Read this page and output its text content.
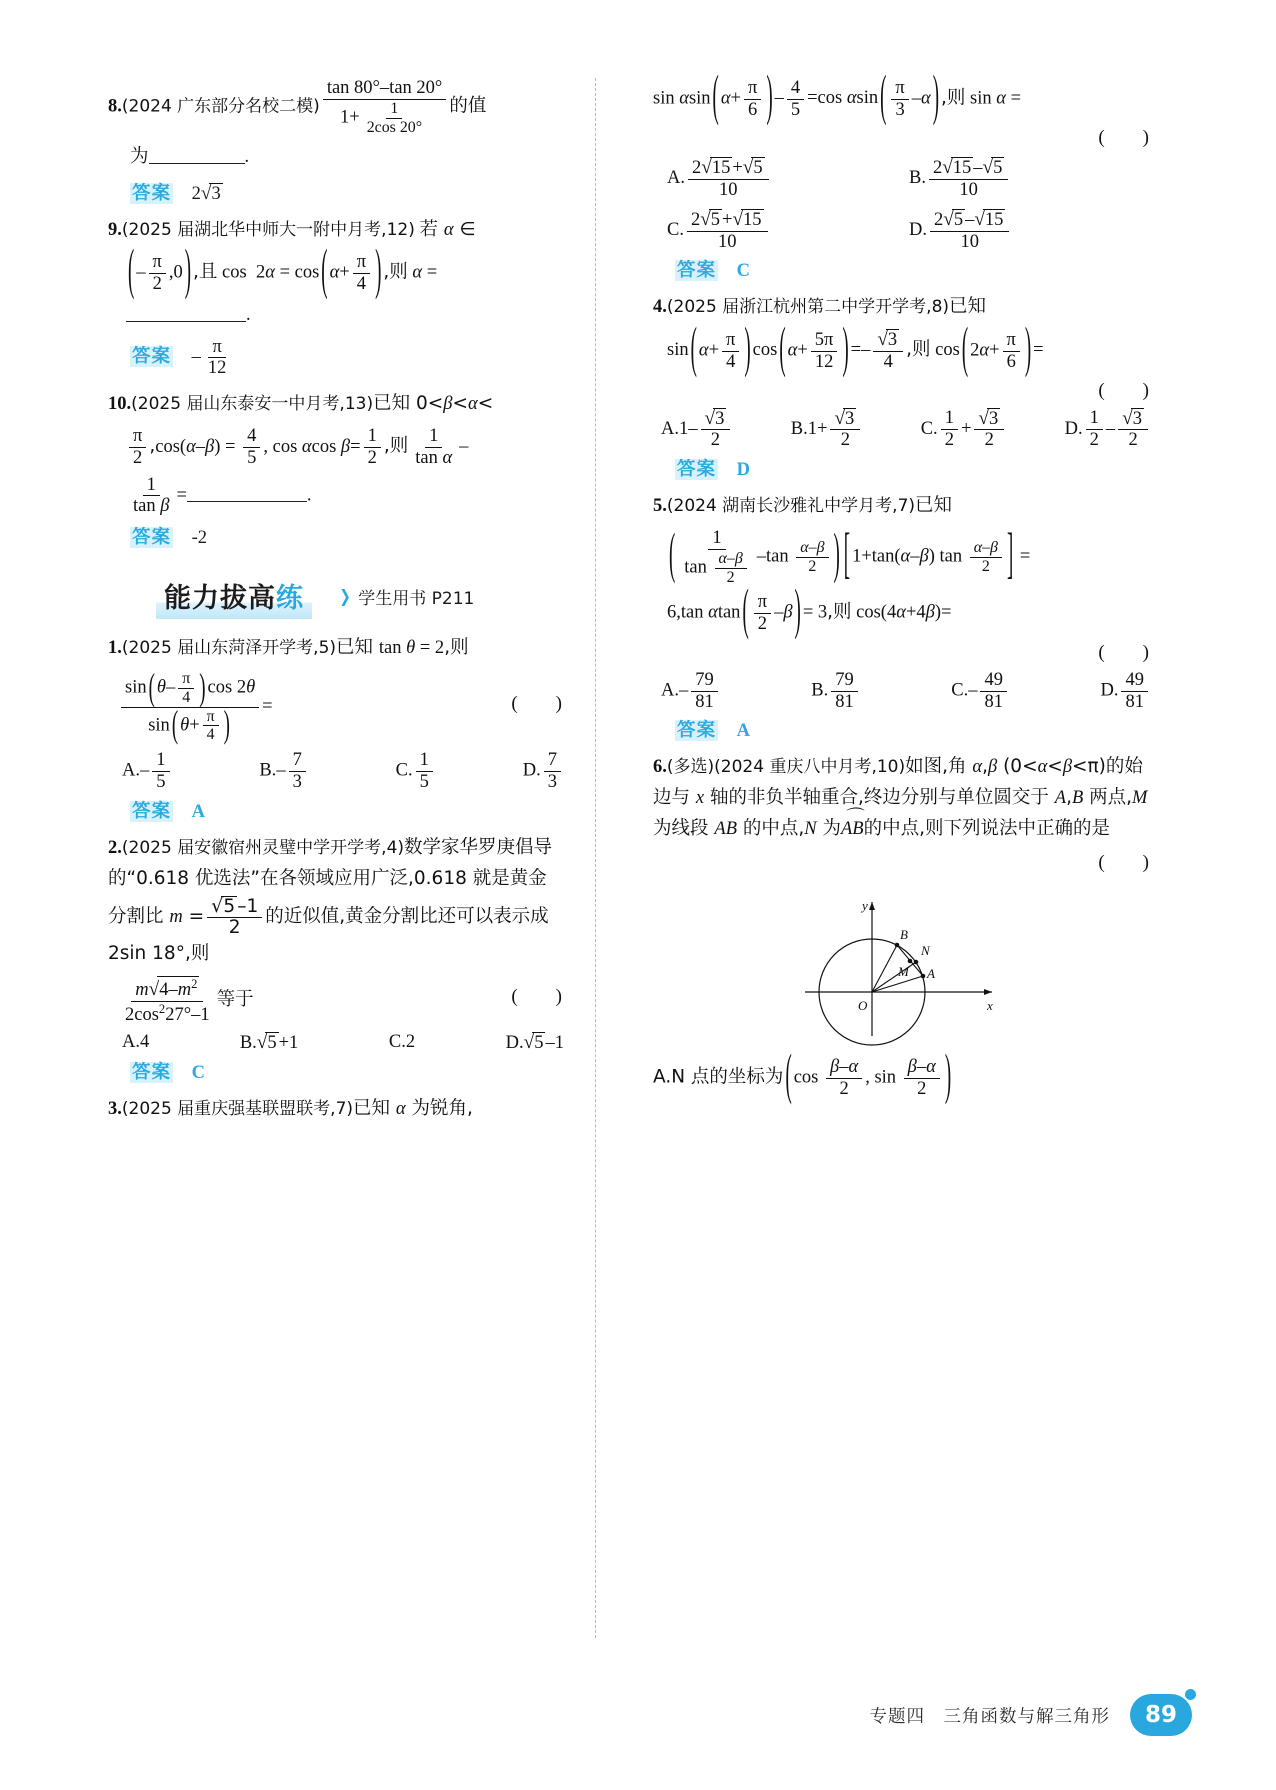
8.(2024 广东部分名校二模) $\frac{\tan 80^\circ-\tan 20^\circ}{1+ \frac{1}{2\cos 20^\circ}}$ 的值
为	.
答案 2√3
9.(2025 届湖北华中师大一附中月考,12) 若 α ∈
( – $\frac{\pi}{2} ,0$ ) ,且 cos  2α = cos ( $\alpha+ \frac{\pi}{4}$ ) ,则 α =
.
答案 – $\frac{\pi}{12}$
10.(2025 届山东泰安一中月考,13)已知 0<β<α<
$\frac{\pi}{2} ,\cos(\alpha-\beta) = \frac{4}{5}$ , cos αcos $\beta= \frac{1}{2}$ ,则 $\frac{1}{\text{tan α}}$ –
$\frac{1}{\text{tan β}}$ =	.
答案 -2
能力拔高练	❯ 学生用书 P211
1.(2025 届山东菏泽开学考,5)已知 tan θ = 2,则
$\frac{\sin ( \theta- \frac{\pi}{4} ) \cos 2\theta}{\sin ( \theta+ \frac{\pi}{4} )}$ =	(　　)
$A.- \frac{1}{5}$	$B.- \frac{7}{3}$	C. $\frac{1}{5}$	D. $\frac{7}{3}$
答案 A
2.(2025 届安徽宿州灵璧中学开学考,4)数学家华罗庚倡导的“0.618 优选法”在各领域应用广泛,0.618 就是黄金分割比 $m = \frac{√5 -1}{2}$ 的近似值,黄金分割比还可以表示成 2sin 18°,则
$\frac{m√4-m^2}{2\cos^227^\circ-1}$ 等于	(　　)
A.4	B.√5 +1	C.2	D.√5 –1
答案 C
3.(2025 届重庆强基联盟联考,7)已知 α 为锐角,
sin αsin ( $\alpha+ \frac{\pi}{6}$ ) – $\frac{4}{5} =\cos$ αsin ( $\frac{\pi}{3} -\alpha$ ) ,则 sin α =
(　　)
A. $\frac{2√15 +√5}{10}$	B. $\frac{2√15 -√5}{10}$
C. $\frac{2√5 +√15}{10}$	D. $\frac{2√5 -√15}{10}$
答案 C
4.(2025 届浙江杭州第二中学开学考,8)已知
sin ( $\alpha+ \frac{\pi}{4}$ ) cos ( $\alpha+ \frac{5\pi}{12}$ ) =– $\frac{√3}{4}$ ,则 cos ( $2\alpha+ \frac{\pi}{6}$ ) =
(　　)
$A.1- \frac{√3}{2}$	$B.1+ \frac{√3}{2}$	C. $\frac{1}{2} + \frac{√3}{2}$	D. $\frac{1}{2} - \frac{√3}{2}$
答案 D
5.(2024 湖南长沙雅礼中学月考,7)已知
( $\frac{1}{\tan \frac{\alpha-\beta}{2}} -\tan \frac{\alpha-\beta}{2}$ ) [ 1+tan(α–β) $\tan \frac{\alpha-\beta}{2}$ ] =
6,tan αtan ( $\frac{\pi}{2} -\beta$ ) = 3,则 cos(4α+4β)=
(　　)
$A.- \frac{79}{81}$	B. $\frac{79}{81}$	$C.- \frac{49}{81}$	D. $\frac{49}{81}$
答案 A
6.(多选)(2024 重庆八中月考,10)如图,角 α,β (0<α<β<π)的始边与 x 轴的非负半轴重合,终边分别与单位圆交于 A,B 两点,M 为线段 AB 的中点,N 为⌒ AB的中点,则下列说法中正确的是
(　　)
y
B
N
M A
O	x
A.N 点的坐标为 ( $\cos \frac{\beta-\alpha}{2}$ , $\sin \frac{\beta-\alpha}{2}$ )
专题四　三角函数与解三角形 89
